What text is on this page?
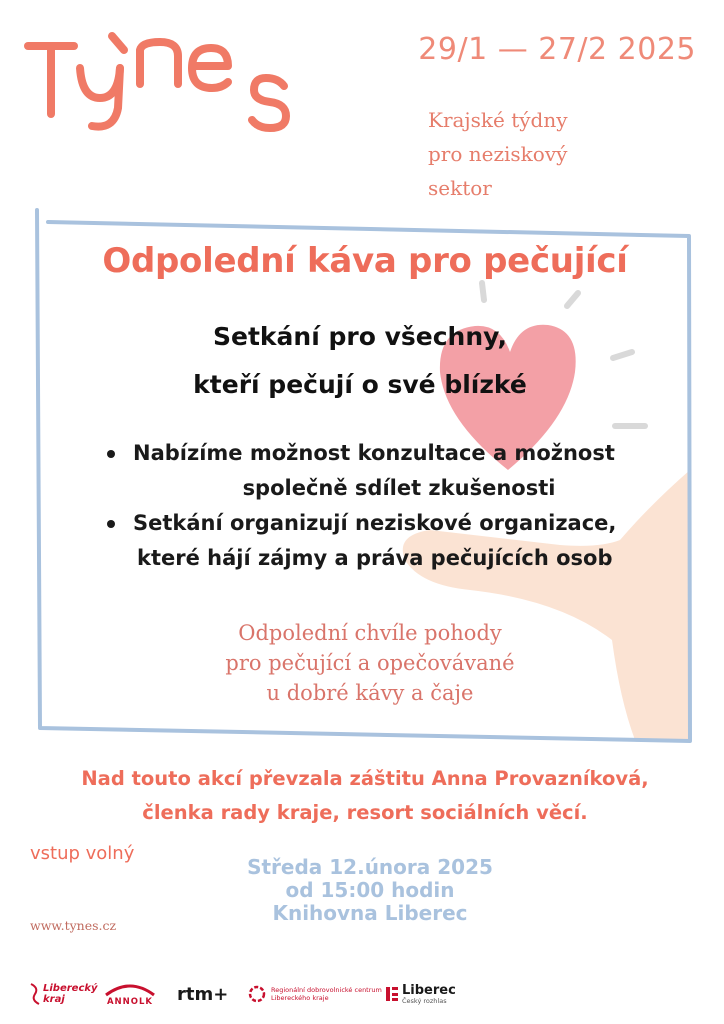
29/1 — 27/2 2025
Krajské týdny
pro neziskový
sektor
Odpolední káva pro pečující
Setkání pro všechny,
kteří pečují o své blízké
Nabízíme možnost konzultace a možnost
společně sdílet zkušenosti
Setkání organizují neziskové organizace,
které hájí zájmy a práva pečujících osob
Odpolední chvíle pohody
pro pečující a opečovávané
u dobré kávy a čaje
Nad touto akcí převzala záštitu Anna Provazníková,
členka rady kraje, resort sociálních věcí.
vstup volný
Středa 12.února 2025
od 15:00 hodin
Knihovna Liberec
www.tynes.cz
Liberecký
kraj	ANNOLK rtm+	Regionální dobrovolnické centrum
Libereckého kraje
Liberec
Český rozhlas
